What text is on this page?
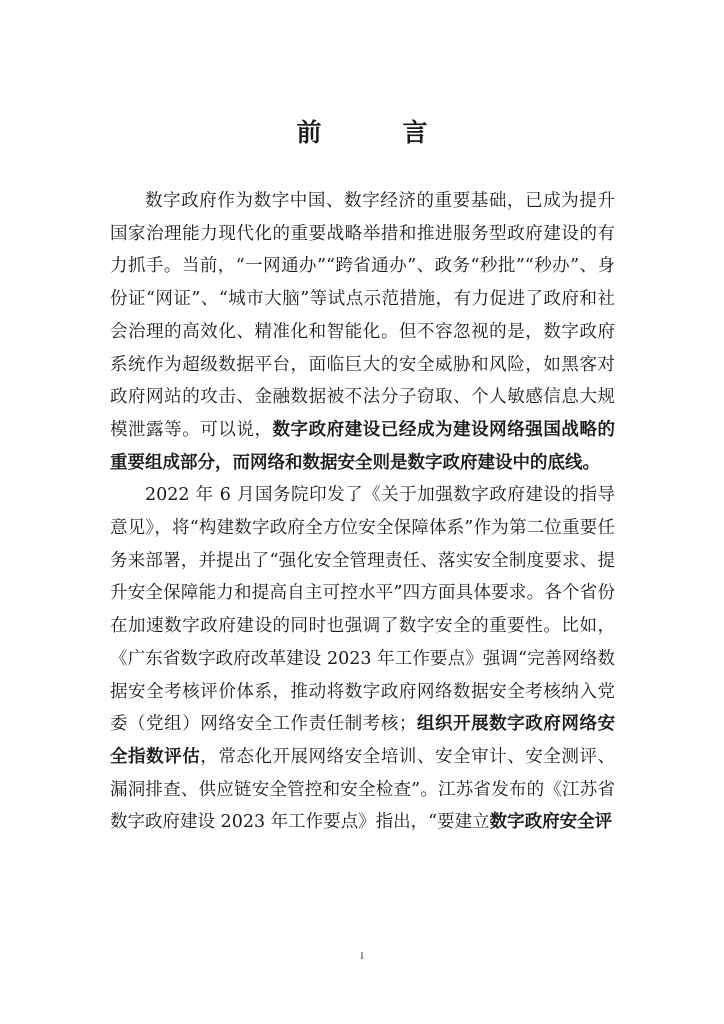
前　言

数字政府作为数字中国、数字经济的重要基础，已成为提升国家治理能力现代化的重要战略举措和推进服务型政府建设的有力抓手。当前，“一网通办”“跨省通办”、政务“秒批”“秒办”、身份证“网证”、“城市大脑”等试点示范措施，有力促进了政府和社会治理的高效化、精准化和智能化。但不容忽视的是，数字政府系统作为超级数据平台，面临巨大的安全威胁和风险，如黑客对政府网站的攻击、金融数据被不法分子窃取、个人敏感信息大规模泄露等。可以说，数字政府建设已经成为建设网络强国战略的重要组成部分，而网络和数据安全则是数字政府建设中的底线。

2022 年 6 月国务院印发了《关于加强数字政府建设的指导意见》，将“构建数字政府全方位安全保障体系”作为第二位重要任务来部署，并提出了“强化安全管理责任、落实安全制度要求、提升安全保障能力和提高自主可控水平”四方面具体要求。各个省份在加速数字政府建设的同时也强调了数字安全的重要性。比如，《广东省数字政府改革建设 2023 年工作要点》强调“完善网络数据安全考核评价体系，推动将数字政府网络数据安全考核纳入党委（党组）网络安全工作责任制考核；组织开展数字政府网络安全指数评估，常态化开展网络安全培训、安全审计、安全测评、漏洞排查、供应链安全管控和安全检查”。江苏省发布的《江苏省数字政府建设 2023 年工作要点》指出，“要建立数字政府安全评

I
